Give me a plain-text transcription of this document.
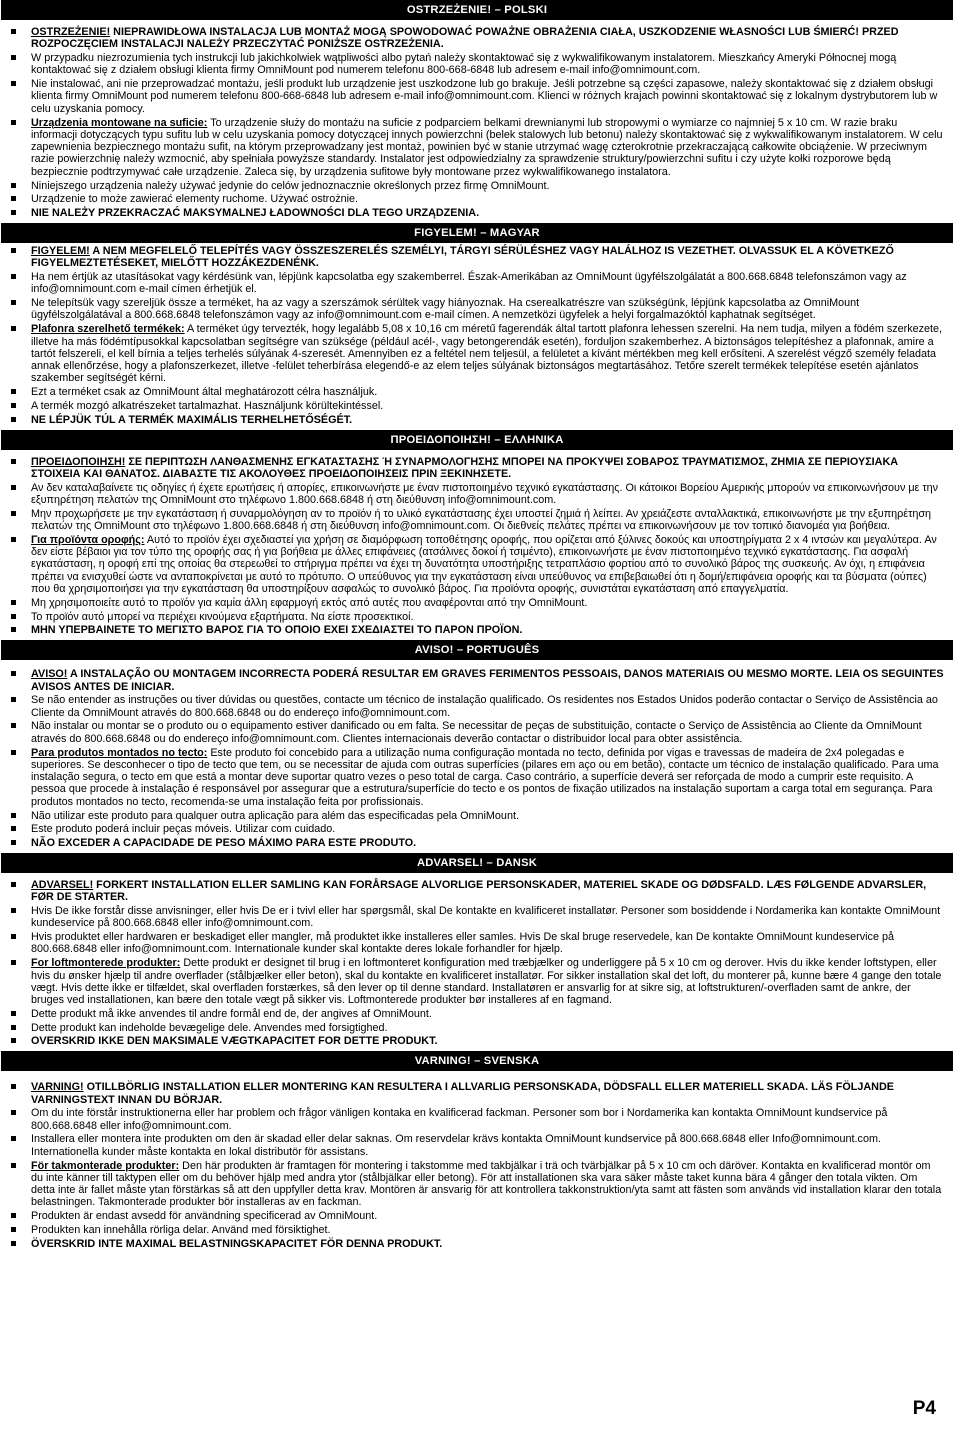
OSTRZEŻENIE! – POLSKI
OSTRZEŻENIE! NIEPRAWIDŁOWA INSTALACJA LUB MONTAŻ MOGĄ SPOWODOWAĆ POWAŻNE OBRAŻENIA CIAŁA, USZKODZENIE WŁASNOŚCI LUB ŚMIERĆ! PRZED ROZPOCZĘCIEM INSTALACJI NALEŻY PRZECZYTAĆ PONIŻSZE OSTRZEŻENIA.
W przypadku niezrozumienia tych instrukcji lub jakichkolwiek wątpliwości albo pytań należy skontaktować się z wykwalifikowanym instalatorem. Mieszkańcy Ameryki Północnej mogą kontaktować się z działem obsługi klienta firmy OmniMount pod numerem telefonu 800-668-6848 lub adresem e-mail info@omnimount.com.
Nie instalować, ani nie przeprowadzać montażu, jeśli produkt lub urządzenie jest uszkodzone lub go brakuje. Jeśli potrzebne są części zapasowe, należy skontaktować się z działem obsługi klienta firmy OmniMount pod numerem telefonu 800-668-6848 lub adresem e-mail info@omnimount.com. Klienci w różnych krajach powinni skontaktować się z lokalnym dystrybutorem lub w celu uzyskania pomocy.
Urządzenia montowane na suficie: To urządzenie służy do montażu na suficie z podparciem belkami drewnianymi lub stropowymi o wymiarze co najmniej 5 x 10 cm. W razie braku informacji dotyczących typu sufitu lub w celu uzyskania pomocy dotyczącej innych powierzchni (belek stalowych lub betonu) należy skontaktować się z wykwalifikowanym instalatorem. W celu zapewnienia bezpiecznego montażu sufit, na którym przeprowadzany jest montaż, powinien być w stanie utrzymać wagę czterokrotnie przekraczającą całkowite obciążenie. W przeciwnym razie powierzchnię należy wzmocnić, aby spełniała powyższe standardy. Instalator jest odpowiedzialny za sprawdzenie struktury/powierzchni sufitu i czy użyte kołki rozporowe będą bezpiecznie podtrzymywać całe urządzenie. Zaleca się, by urządzenia sufitowe były montowane przez wykwalifikowanego instalatora.
Niniejszego urządzenia należy używać jedynie do celów jednoznacznie określonych przez firmę OmniMount.
Urządzenie to może zawierać elementy ruchome. Używać ostrożnie.
NIE NALEŻY PRZEKRACZAĆ MAKSYMALNEJ ŁADOWNOŚCI DLA TEGO URZĄDZENIA.
FIGYELEM! – MAGYAR
FIGYELEM! A NEM MEGFELELŐ TELEPÍTÉS VAGY ÖSSZESZERELÉS SZEMÉLYI, TÁRGYI SÉRÜLÉSHEZ VAGY HALÁLHOZ IS VEZETHET. OLVASSUK EL A KÖVETKEZŐ FIGYELMEZTETÉSEKET, MIELŐTT HOZZÁKEZDENÉNK.
Ha nem értjük az utasításokat vagy kérdésünk van, lépjünk kapcsolatba egy szakemberrel. Észak-Amerikában az OmniMount ügyfélszolgálatát a 800.668.6848 telefonszámon vagy az info@omnimount.com e-mail címen érhetjük el.
Ne telepítsük vagy szereljük össze a terméket, ha az vagy a szerszámok sérültek vagy hiányoznak. Ha cserealkatrészre van szükségünk, lépjünk kapcsolatba az OmniMount ügyfélszolgálatával a 800.668.6848 telefonszámon vagy az info@omnimount.com e-mail címen. A nemzetközi ügyfelek a helyi forgalmazóktól kaphatnak segítséget.
Plafonra szerelhető termékek: A terméket úgy tervezték, hogy legalább 5,08 x 10,16 cm méretű fagerendák által tartott plafonra lehessen szerelni. Ha nem tudja, milyen a födém szerkezete, illetve ha más födémtípusokkal kapcsolatban segítségre van szüksége (például acél-, vagy betongerendák esetén), forduljon szakemberhez. A biztonságos telepítéshez a plafonnak, amire a tartót felszereli, el kell bírnia a teljes terhelés súlyának 4-szeresét. Amennyiben ez a feltétel nem teljesül, a felületet a kívánt mértékben meg kell erősíteni. A szerelést végző személy feladata annak ellenőrzése, hogy a plafonszerkezet, illetve -felület teherbírása elegendő-e az elem teljes súlyának biztonságos megtartásához. Tetőre szerelt termékek telepítése esetén ajánlatos szakember segítségét kérni.
Ezt a terméket csak az OmniMount által meghatározott célra használjuk.
A termék mozgó alkatrészeket tartalmazhat. Használjunk körültekintéssel.
NE LÉPJÜK TÚL A TERMÉK MAXIMÁLIS TERHELHETŐSÉGÉT.
ΠΡΟΕΙΔΟΠΟΙΗΣΗ! – ΕΛΛΗΝΙΚΑ
ΠΡΟΕΙΔΟΠΟΙΗΣΗ! ΣΕ ΠΕΡΙΠΤΩΣΗ ΛΑΝΘΑΣΜΕΝΗΣ ΕΓΚΑΤΑΣΤΑΣΗΣ Ή ΣΥΝΑΡΜΟΛΟΓΗΣΗΣ ΜΠΟΡΕΙ ΝΑ ΠΡΟΚΥΨΕΙ ΣΟΒΑΡΟΣ ΤΡΑΥΜΑΤΙΣΜΟΣ, ΖΗΜΙΑ ΣΕ ΠΕΡΙΟΥΣΙΑΚΑ ΣΤΟΙΧΕΙΑ ΚΑΙ ΘΑΝΑΤΟΣ. ΔΙΑΒΑΣΤΕ ΤΙΣ ΑΚΟΛΟΥΘΕΣ ΠΡΟΕΙΔΟΠΟΙΗΣΕΙΣ ΠΡΙΝ ΞΕΚΙΝΗΣΕΤΕ.
Αν δεν καταλαβαίνετε τις οδηγίες ή έχετε ερωτήσεις ή απορίες, επικοινωνήστε με έναν πιστοποιημένο τεχνικό εγκατάστασης. Οι κάτοικοι Βορείου Αμερικής μπορούν να επικοινωνήσουν με την εξυπηρέτηση πελατών της OmniMount στο τηλέφωνο 1.800.668.6848 ή στη διεύθυνση info@omnimount.com.
Μην προχωρήσετε με την εγκατάσταση ή συναρμολόγηση αν το προϊόν ή το υλικό εγκατάστασης έχει υποστεί ζημιά ή λείπει. Αν χρειάζεστε ανταλλακτικά, επικοινωνήστε με την εξυπηρέτηση πελατών της OmniMount στο τηλέφωνο 1.800.668.6848 ή στη διεύθυνση info@omnimount.com. Οι διεθνείς πελάτες πρέπει να επικοινωνήσουν με τον τοπικό διανομέα για βοήθεια.
Για προϊόντα οροφής: Αυτό το προϊόν έχει σχεδιαστεί για χρήση σε διαμόρφωση τοποθέτησης οροφής, που ορίζεται από ξύλινες δοκούς και υποστηρίγματα 2 x 4 ιντσών και μεγαλύτερα. Αν δεν είστε βέβαιοι για τον τύπο της οροφής σας ή για βοήθεια με άλλες επιφάνειες (ατσάλινες δοκοί ή τσιμέντο), επικοινωνήστε με έναν πιστοποιημένο τεχνικό εγκατάστασης. Για ασφαλή εγκατάσταση, η οροφή επί της οποίας θα στερεωθεί το στήριγμα πρέπει να έχει τη δυνατότητα υποστήριξης τετραπλάσιο φορτίου από το συνολικό βάρος της συσκευής. Αν όχι, η επιφάνεια πρέπει να ενισχυθεί ώστε να ανταποκρίνεται με αυτό το πρότυπο. Ο υπεύθυνος για την εγκατάσταση είναι υπεύθυνος να επιβεβαιωθεί ότι η δομή/επιφάνεια οροφής και τα βύσματα (ούπες) που θα χρησιμοποιήσει για την εγκατάσταση θα υποστηρίξουν ασφαλώς το συνολικό βάρος. Για προϊόντα οροφής, συνιστάται εγκατάσταση από επαγγελματία.
Μη χρησιμοποιείτε αυτό το προϊόν για καμία άλλη εφαρμογή εκτός από αυτές που αναφέρονται από την OmniMount.
Το προϊόν αυτό μπορεί να περιέχει κινούμενα εξαρτήματα. Να είστε προσεκτικοί.
ΜΗΝ ΥΠΕΡΒΑΙΝΕΤΕ ΤΟ ΜΕΓΙΣΤΟ ΒΑΡΟΣ ΓΙΑ ΤΟ ΟΠΟΙΟ ΕΧΕΙ ΣΧΕΔΙΑΣΤΕΙ ΤΟ ΠΑΡΟΝ ΠΡΟΪΟΝ.
AVISO! – PORTUGUÊS
AVISO! A INSTALAÇÃO OU MONTAGEM INCORRECTA PODERÁ RESULTAR EM GRAVES FERIMENTOS PESSOAIS, DANOS MATERIAIS OU MESMO MORTE. LEIA OS SEGUINTES AVISOS ANTES DE INICIAR.
Se não entender as instruções ou tiver dúvidas ou questões, contacte um técnico de instalação qualificado. Os residentes nos Estados Unidos poderão contactar o Serviço de Assistência ao Cliente da OmniMount através do 800.668.6848 ou do endereço info@omnimount.com.
Não instalar ou montar se o produto ou o equipamento estiver danificado ou em falta. Se necessitar de peças de substituição, contacte o Serviço de Assistência ao Cliente da OmniMount através do 800.668.6848 ou do endereço info@omnimount.com. Clientes internacionais deverão contactar o distribuidor local para obter assistência.
Para produtos montados no tecto: Este produto foi concebido para a utilização numa configuração montada no tecto, definida por vigas e travessas de madeira de 2x4 polegadas e superiores. Se desconhecer o tipo de tecto que tem, ou se necessitar de ajuda com outras superfícies (pilares em aço ou em betão), contacte um técnico de instalação qualificado. Para uma instalação segura, o tecto em que está a montar deve suportar quatro vezes o peso total de carga. Caso contrário, a superfície deverá ser reforçada de modo a cumprir este requisito. A pessoa que procede à instalação é responsável por assegurar que a estrutura/superfície do tecto e os pontos de fixação utilizados na instalação suportam a carga total em segurança. Para produtos montados no tecto, recomenda-se uma instalação feita por profissionais.
Não utilizar este produto para qualquer outra aplicação para além das especificadas pela OmniMount.
Este produto poderá incluir peças móveis. Utilizar com cuidado.
NÃO EXCEDER A CAPACIDADE DE PESO MÁXIMO PARA ESTE PRODUTO.
ADVARSEL! – DANSK
ADVARSEL! FORKERT INSTALLATION ELLER SAMLING KAN FORÅRSAGE ALVORLIGE PERSONSKADER, MATERIEL SKADE OG DØDSFALD. LÆS FØLGENDE ADVARSLER, FØR DE STARTER.
Hvis De ikke forstår disse anvisninger, eller hvis De er i tvivl eller har spørgsmål, skal De kontakte en kvalificeret installatør. Personer som bosiddende i Nordamerika kan kontakte OmniMount kundeservice på 800.668.6848 eller info@omnimount.com.
Hvis produktet eller hardwaren er beskadiget eller mangler, må produktet ikke installeres eller samles. Hvis De skal bruge reservedele, kan De kontakte OmniMount kundeservice på 800.668.6848 eller info@omnimount.com. Internationale kunder skal kontakte deres lokale forhandler for hjælp.
For loftmonterede produkter: Dette produkt er designet til brug i en loftmonteret konfiguration med træbjælker og underliggere på 5 x 10 cm og derover. Hvis du ikke kender loftstypen, eller hvis du ønsker hjælp til andre overflader (stålbjælker eller beton), skal du kontakte en kvalificeret installatør. For sikker installation skal det loft, du monterer på, kunne bære 4 gange den totale vægt. Hvis dette ikke er tilfældet, skal overfladen forstærkes, så den lever op til denne standard. Installatøren er ansvarlig for at sikre sig, at loftstrukturen/-overfladen samt de ankre, der bruges ved installationen, kan bære den totale vægt på sikker vis. Loftmonterede produkter bør installeres af en fagmand.
Dette produkt må ikke anvendes til andre formål end de, der angives af OmniMount.
Dette produkt kan indeholde bevægelige dele. Anvendes med forsigtighed.
OVERSKRID IKKE DEN MAKSIMALE VÆGTKAPACITET FOR DETTE PRODUKT.
VARNING! – SVENSKA
VARNING! OTILLBÖRLIG INSTALLATION ELLER MONTERING KAN RESULTERA I ALLVARLIG PERSONSKADA, DÖDSFALL ELLER MATERIELL SKADA. LÄS FÖLJANDE VARNINGSTEXT INNAN DU BÖRJAR.
Om du inte förstår instruktionerna eller har problem och frågor vänligen kontaka en kvalificerad fackman. Personer som bor i Nordamerika kan kontakta OmniMount kundservice på 800.668.6848 eller info@omnimount.com.
Installera eller montera inte produkten om den är skadad eller delar saknas. Om reservdelar krävs kontakta OmniMount kundservice på 800.668.6848 eller Info@omnimount.com. Internationella kunder måste kontakta en lokal distributör för assistans.
För takmonterade produkter: Den här produkten är framtagen för montering i takstomme med takbjälkar i trä och tvärbjälkar på 5 x 10 cm och däröver. Kontakta en kvalificerad montör om du inte känner till taktypen eller om du behöver hjälp med andra ytor (stålbjälkar eller betong). För att installationen ska vara säker måste taket kunna bära 4 gånger den totala vikten. Om detta inte är fallet måste ytan förstärkas så att den uppfyller detta krav. Montören är ansvarig för att kontrollera takkonstruktion/yta samt att fästen som används vid installation klarar den totala belastningen. Takmonterade produkter bör installeras av en fackman.
Produkten är endast avsedd för användning specificerad av OmniMount.
Produkten kan innehålla rörliga delar. Använd med försiktighet.
ÖVERSKRID INTE MAXIMAL BELASTNINGSKAPACITET FÖR DENNA PRODUKT.
P4
